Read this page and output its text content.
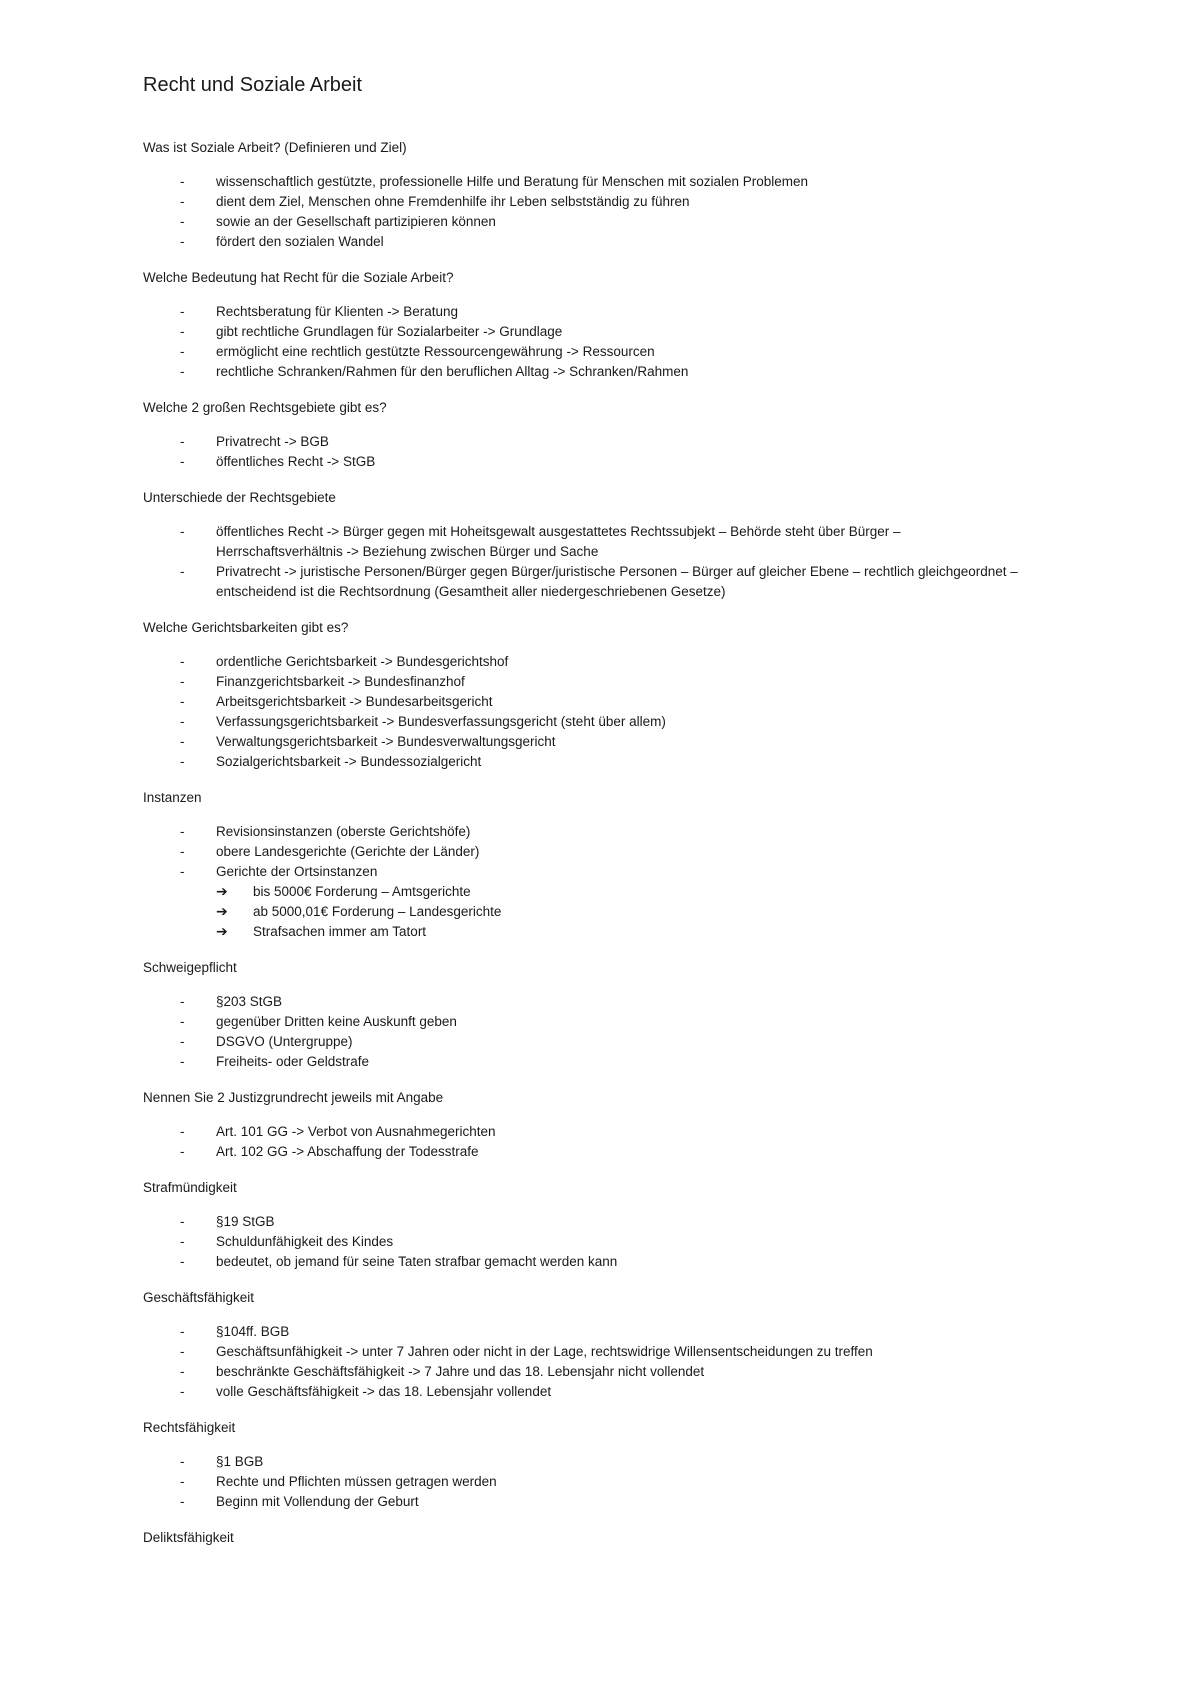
Recht und Soziale Arbeit
Was ist Soziale Arbeit? (Definieren und Ziel)
- wissenschaftlich gestützte, professionelle Hilfe und Beratung für Menschen mit sozialen Problemen
- dient dem Ziel, Menschen ohne Fremdenhilfe ihr Leben selbstständig zu führen
- sowie an der Gesellschaft partizipieren können
- fördert den sozialen Wandel
Welche Bedeutung hat Recht für die Soziale Arbeit?
- Rechtsberatung für Klienten -> Beratung
- gibt rechtliche Grundlagen für Sozialarbeiter -> Grundlage
- ermöglicht eine rechtlich gestützte Ressourcengewährung -> Ressourcen
- rechtliche Schranken/Rahmen für den beruflichen Alltag -> Schranken/Rahmen
Welche 2 großen Rechtsgebiete gibt es?
- Privatrecht -> BGB
- öffentliches Recht -> StGB
Unterschiede der Rechtsgebiete
- öffentliches Recht -> Bürger gegen mit Hoheitsgewalt ausgestattetes Rechtssubjekt – Behörde steht über Bürger – Herrschaftsverhältnis -> Beziehung zwischen Bürger und Sache
- Privatrecht -> juristische Personen/Bürger gegen Bürger/juristische Personen – Bürger auf gleicher Ebene – rechtlich gleichgeordnet – entscheidend ist die Rechtsordnung (Gesamtheit aller niedergeschriebenen Gesetze)
Welche Gerichtsbarkeiten gibt es?
- ordentliche Gerichtsbarkeit -> Bundesgerichtshof
- Finanzgerichtsbarkeit -> Bundesfinanzhof
- Arbeitsgerichtsbarkeit -> Bundesarbeitsgericht
- Verfassungsgerichtsbarkeit -> Bundesverfassungsgericht (steht über allem)
- Verwaltungsgerichtsbarkeit -> Bundesverwaltungsgericht
- Sozialgerichtsbarkeit -> Bundessozialgericht
Instanzen
- Revisionsinstanzen (oberste Gerichtshöfe)
- obere Landesgerichte (Gerichte der Länder)
- Gerichte der Ortsinstanzen
➔ bis 5000€ Forderung – Amtsgerichte
➔ ab 5000,01€ Forderung – Landesgerichte
➔ Strafsachen immer am Tatort
Schweigepflicht
- §203 StGB
- gegenüber Dritten keine Auskunft geben
- DSGVO (Untergruppe)
- Freiheits- oder Geldstrafe
Nennen Sie 2 Justizgrundrecht jeweils mit Angabe
- Art. 101 GG -> Verbot von Ausnahmegerichten
- Art. 102 GG -> Abschaffung der Todesstrafe
Strafmündigkeit
- §19 StGB
- Schuldunfähigkeit des Kindes
- bedeutet, ob jemand für seine Taten strafbar gemacht werden kann
Geschäftsfähigkeit
- §104ff. BGB
- Geschäftsunfähigkeit -> unter 7 Jahren oder nicht in der Lage, rechtswidrige Willensentscheidungen zu treffen
- beschränkte Geschäftsfähigkeit -> 7 Jahre und das 18. Lebensjahr nicht vollendet
- volle Geschäftsfähigkeit -> das 18. Lebensjahr vollendet
Rechtsfähigkeit
- §1 BGB
- Rechte und Pflichten müssen getragen werden
- Beginn mit Vollendung der Geburt
Deliktsfähigkeit
